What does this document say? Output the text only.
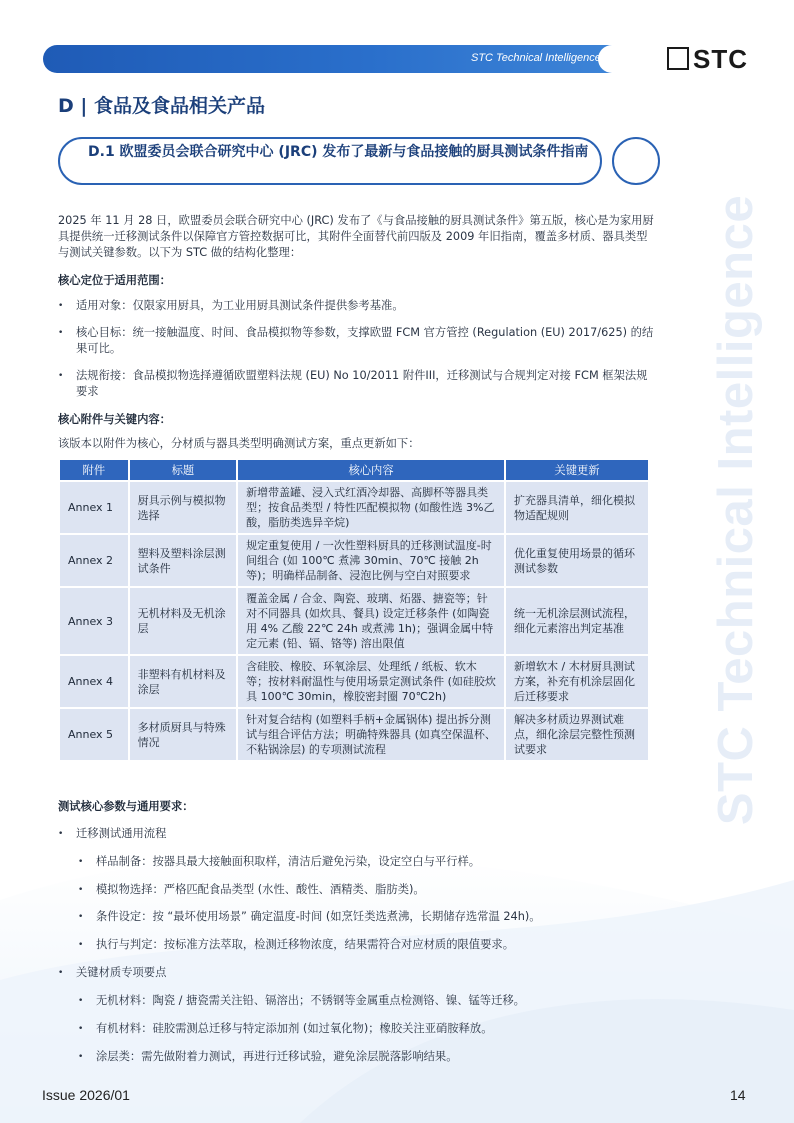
STC Technical Intelligence
STC Technical Intelligence	STC
D | 食品及食品相关产品
D.1 欧盟委员会联合研究中心 (JRC) 发布了最新与食品接触的厨具测试条件指南
2025 年 11 月 28 日，欧盟委员会联合研究中心 (JRC) 发布了《与食品接触的厨具测试条件》第五版，核心是为家用厨具提供统一迁移测试条件以保障官方管控数据可比，其附件全面替代前四版及 2009 年旧指南，覆盖多材质、器具类型与测试关键参数。以下为 STC 做的结构化整理：
核心定位于适用范围：
• 适用对象：仅限家用厨具，为工业用厨具测试条件提供参考基准。
• 核心目标：统一接触温度、时间、食品模拟物等参数，支撑欧盟 FCM 官方管控 (Regulation (EU) 2017/625) 的结果可比。
• 法规衔接：食品模拟物选择遵循欧盟塑料法规 (EU) No 10/2011 附件III，迁移测试与合规判定对接 FCM 框架法规要求
核心附件与关键内容：
该版本以附件为核心，分材质与器具类型明确测试方案，重点更新如下：
附件	标题	核心内容	关键更新
Annex 1	厨具示例与模拟物选择	新增带盖罐、浸入式红酒冷却器、高脚杯等器具类型；按食品类型 / 特性匹配模拟物 (如酸性选 3%乙酸，脂肪类选异辛烷)	扩充器具清单，细化模拟物适配规则
Annex 2	塑料及塑料涂层测试条件	规定重复使用 / 一次性塑料厨具的迁移测试温度-时间组合 (如 100℃ 煮沸 30min、70℃ 接触 2h 等)；明确样品制备、浸泡比例与空白对照要求	优化重复使用场景的循环测试参数
Annex 3	无机材料及无机涂层	覆盖金属 / 合金、陶瓷、玻璃、炻器、搪瓷等；针对不同器具 (如炊具、餐具) 设定迁移条件 (如陶瓷用 4% 乙酸 22℃ 24h 或煮沸 1h)；强调金属中特定元素 (铅、镉、铬等) 溶出限值	统一无机涂层测试流程，细化元素溶出判定基准
Annex 4	非塑料有机材料及涂层	含硅胶、橡胶、环氧涂层、处理纸 / 纸板、软木等；按材料耐温性与使用场景定测试条件 (如硅胶炊具 100℃ 30min，橡胶密封圈 70℃2h)	新增软木 / 木材厨具测试方案，补充有机涂层固化后迁移要求
Annex 5	多材质厨具与特殊情况	针对复合结构 (如塑料手柄+金属锅体) 提出拆分测试与组合评估方法；明确特殊器具 (如真空保温杯、不粘锅涂层) 的专项测试流程	解决多材质边界测试难点，细化涂层完整性预测试要求
测试核心参数与通用要求：
• 迁移测试通用流程
• 样品制备：按器具最大接触面积取样，清洁后避免污染，设定空白与平行样。
• 模拟物选择：严格匹配食品类型 (水性、酸性、酒精类、脂肪类)。
• 条件设定：按 “最坏使用场景” 确定温度-时间 (如烹饪类选煮沸，长期储存选常温 24h)。
• 执行与判定：按标准方法萃取，检测迁移物浓度，结果需符合对应材质的限值要求。
• 关键材质专项要点
• 无机材料：陶瓷 / 搪瓷需关注铅、镉溶出；不锈钢等金属重点检测铬、镍、锰等迁移。
• 有机材料：硅胶需测总迁移与特定添加剂 (如过氧化物)；橡胶关注亚硝胺释放。
• 涂层类：需先做附着力测试，再进行迁移试验，避免涂层脱落影响结果。
Issue 2026/01	14
